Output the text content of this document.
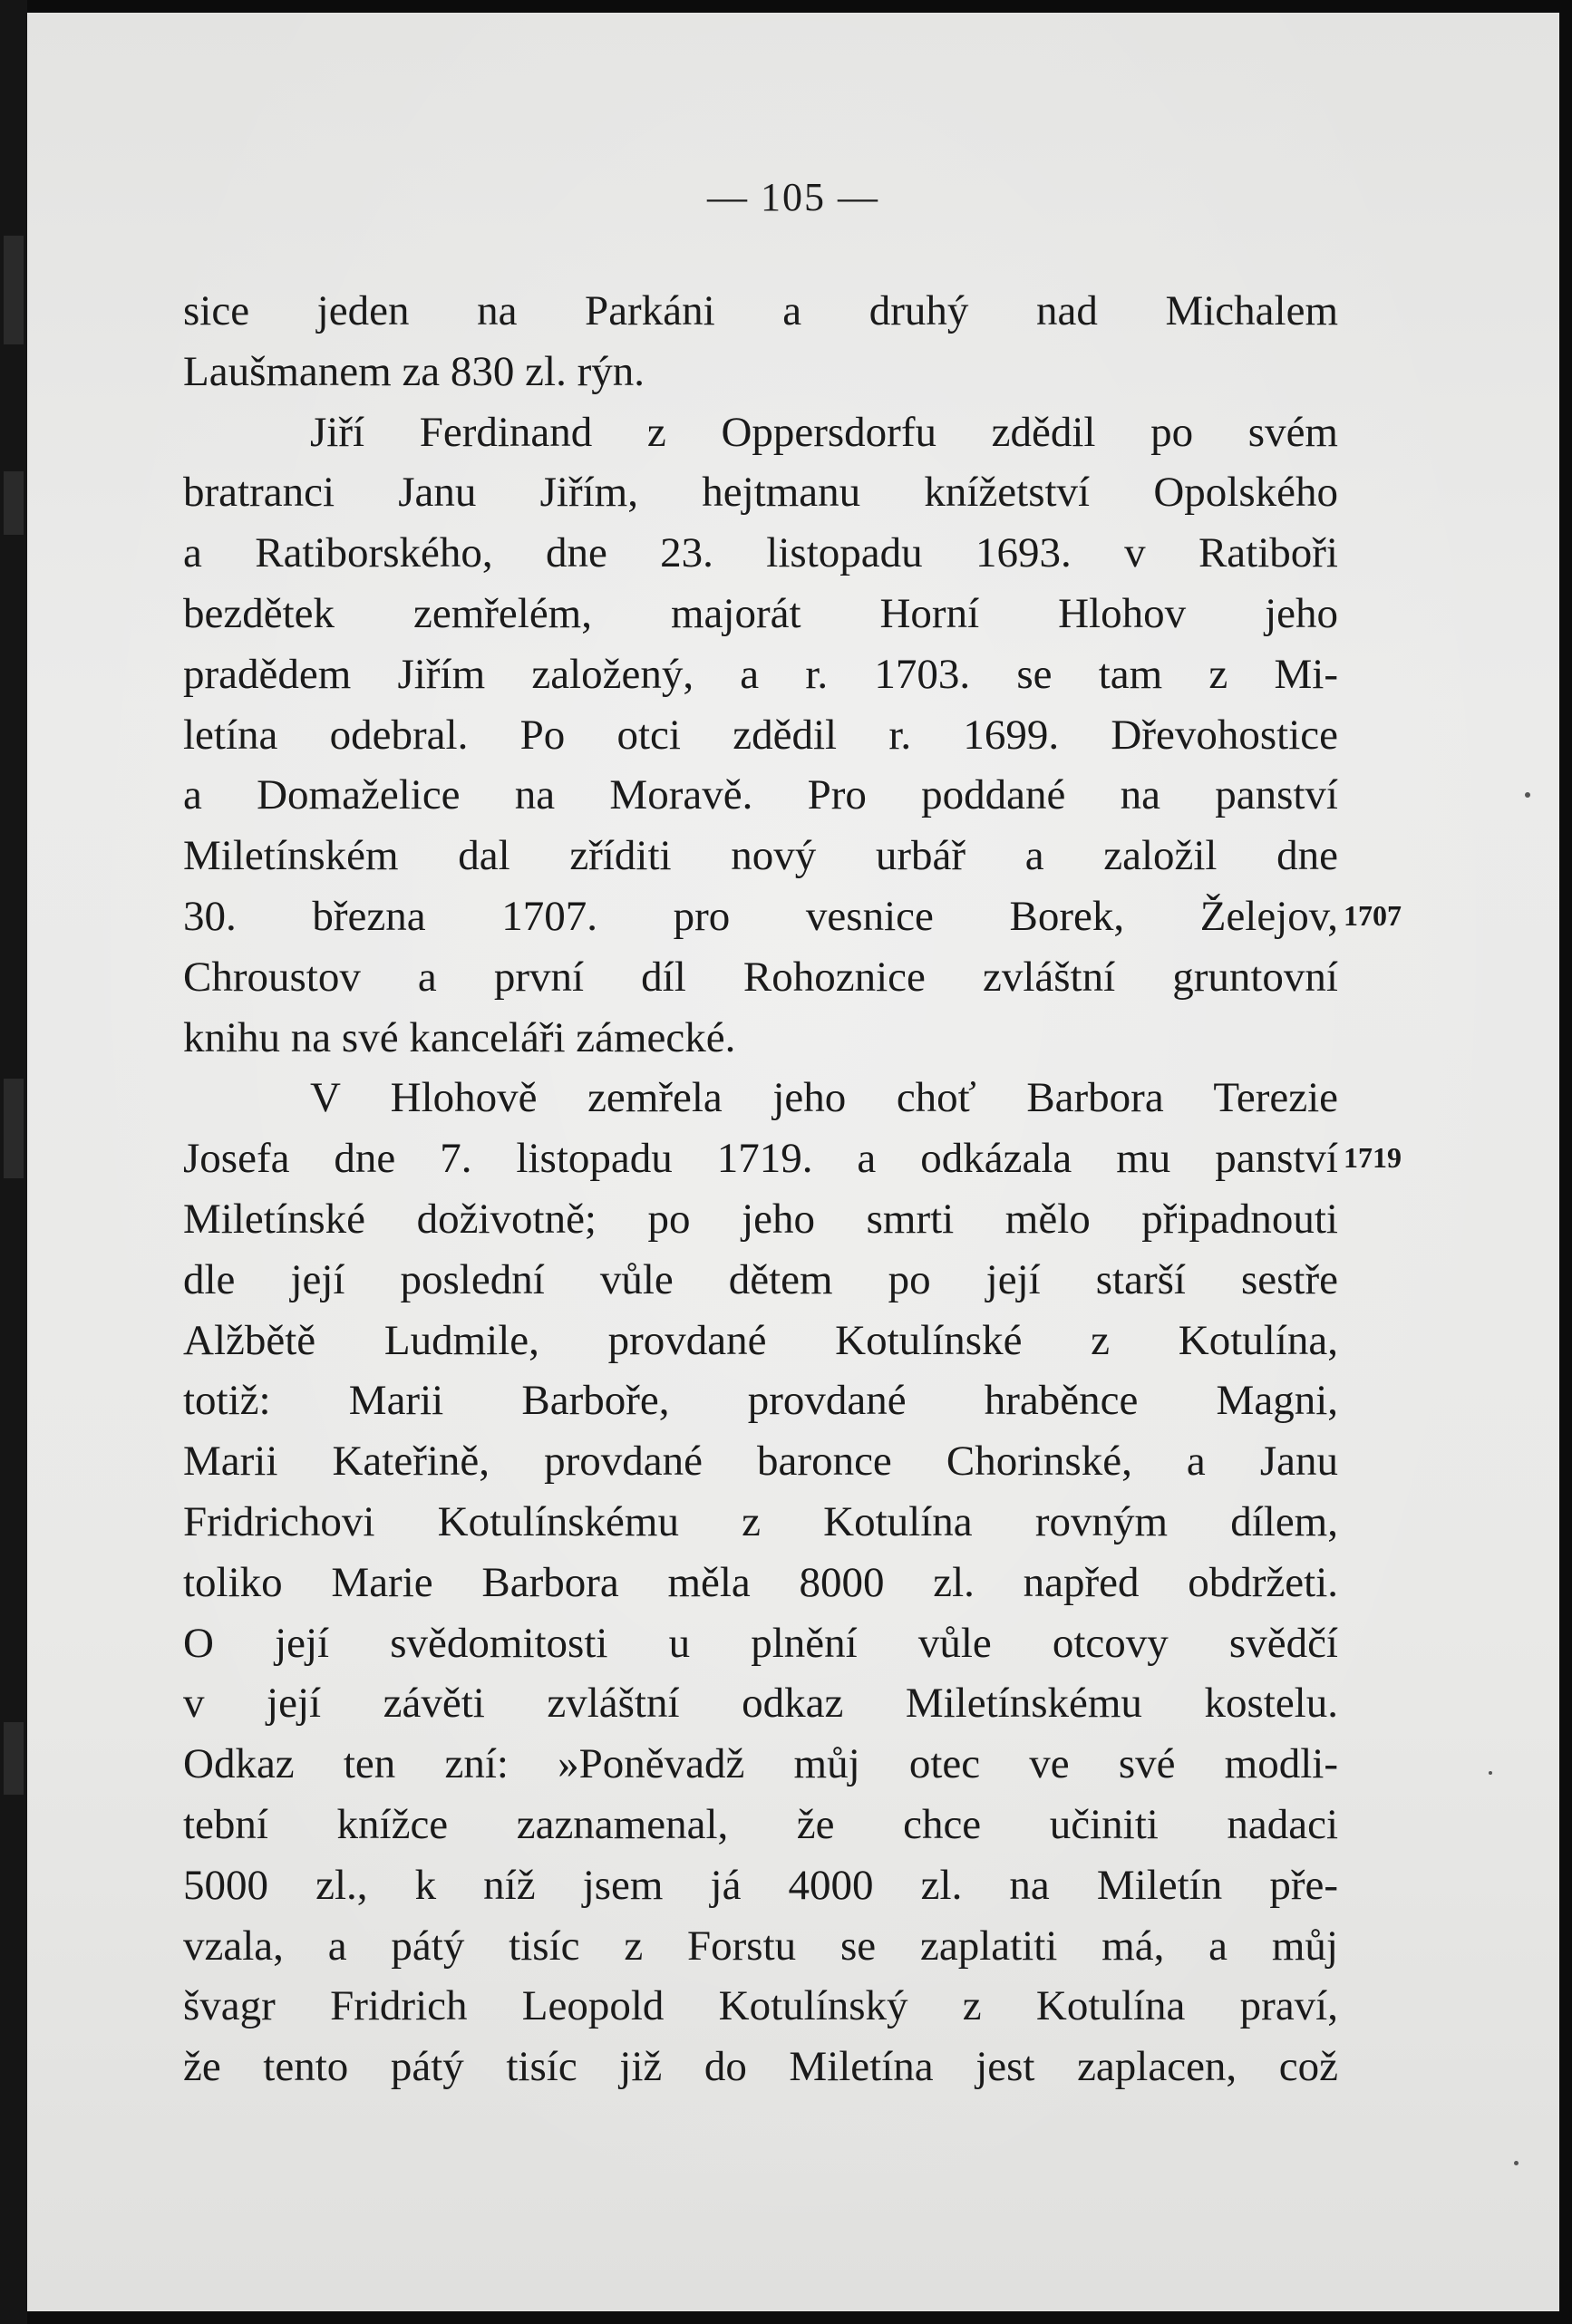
— 105 —
sice jeden na Parkáni a druhý nad Michalem
Laušmanem za 830 zl. rýn.
Jiří Ferdinand z Oppersdorfu zdědil po svém
bratranci Janu Jiřím, hejtmanu knížetství Opolského
a Ratiborského, dne 23. listopadu 1693. v Ratiboři
bezdětek zemřelém, majorát Horní Hlohov jeho
pradědem Jiřím založený, a r. 1703. se tam z Mi-
letína odebral. Po otci zdědil r. 1699. Dřevohostice
a Domaželice na Moravě. Pro poddané na panství
Miletínském dal zříditi nový urbář a založil dne
30. března 1707. pro vesnice Borek, Želejov,
Chroustov a první díl Rohoznice zvláštní gruntovní
knihu na své kanceláři zámecké.
V Hlohově zemřela jeho choť Barbora Terezie
Josefa dne 7. listopadu 1719. a odkázala mu panství
Miletínské doživotně; po jeho smrti mělo připadnouti
dle její poslední vůle dětem po její starší sestře
Alžbětě Ludmile, provdané Kotulínské z Kotulína,
totiž: Marii Barboře, provdané hraběnce Magni,
Marii Kateřině, provdané baronce Chorinské, a Janu
Fridrichovi Kotulínskému z Kotulína rovným dílem,
toliko Marie Barbora měla 8000 zl. napřed obdržeti.
O její svědomitosti u plnění vůle otcovy svědčí
v její závěti zvláštní odkaz Miletínskému kostelu.
Odkaz ten zní: »Poněvadž můj otec ve své modli-
tební knížce zaznamenal, že chce učiniti nadaci
5000 zl., k níž jsem já 4000 zl. na Miletín pře-
vzala, a pátý tisíc z Forstu se zaplatiti má, a můj
švagr Fridrich Leopold Kotulínský z Kotulína praví,
že tento pátý tisíc již do Miletína jest zaplacen, což
1707
1719
